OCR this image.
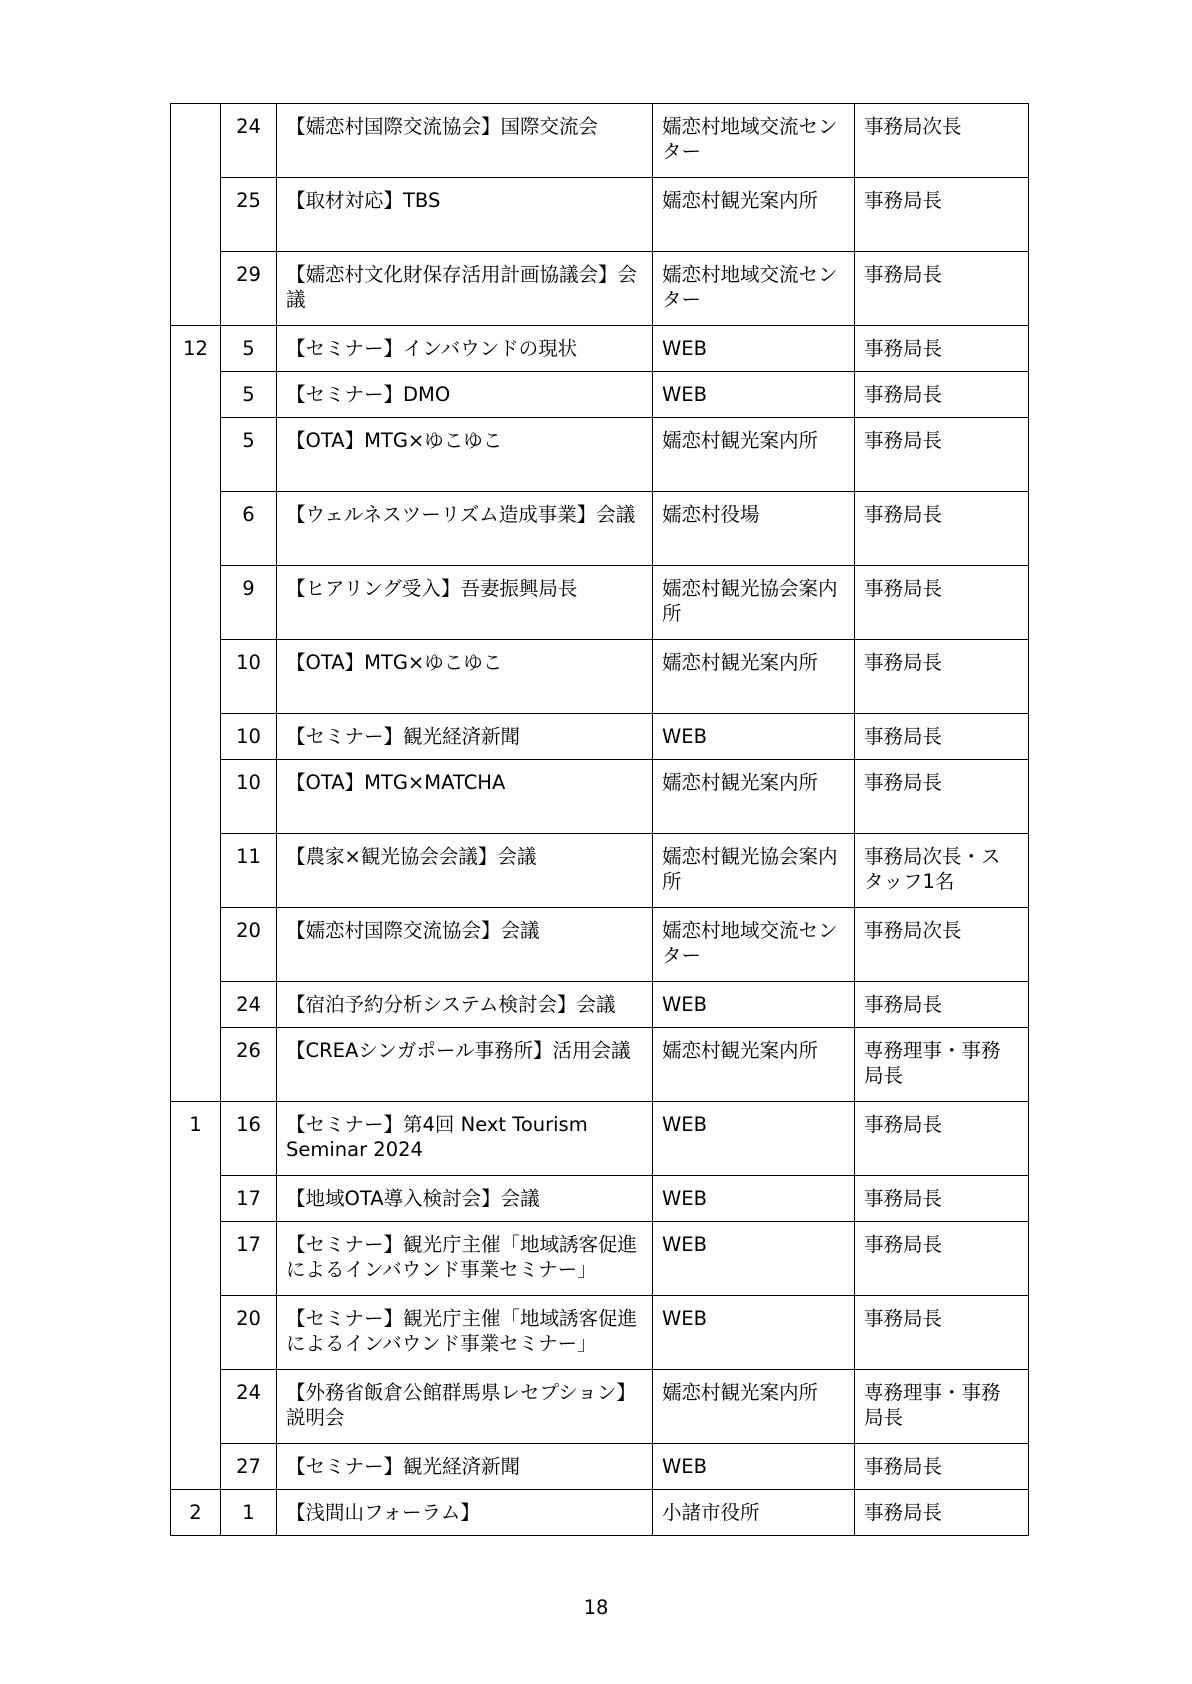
	24	【嬬恋村国際交流協会】国際交流会	嬬恋村地域交流センター	事務局次長
	25	【取材対応】TBS	嬬恋村観光案内所	事務局長
	29	【嬬恋村文化財保存活用計画協議会】会議	嬬恋村地域交流センター	事務局長
12	5	【セミナー】インバウンドの現状	WEB	事務局長
	5	【セミナー】DMO	WEB	事務局長
	5	【OTA】MTG×ゆこゆこ	嬬恋村観光案内所	事務局長
	6	【ウェルネスツーリズム造成事業】会議	嬬恋村役場	事務局長
	9	【ヒアリング受入】吾妻振興局長	嬬恋村観光協会案内所	事務局長
	10	【OTA】MTG×ゆこゆこ	嬬恋村観光案内所	事務局長
	10	【セミナー】観光経済新聞	WEB	事務局長
	10	【OTA】MTG×MATCHA	嬬恋村観光案内所	事務局長
	11	【農家×観光協会会議】会議	嬬恋村観光協会案内所	事務局次長・スタッフ1名
	20	【嬬恋村国際交流協会】会議	嬬恋村地域交流センター	事務局次長
	24	【宿泊予約分析システム検討会】会議	WEB	事務局長
	26	【CREAシンガポール事務所】活用会議	嬬恋村観光案内所	専務理事・事務局長
1	16	【セミナー】第4回 Next Tourism Seminar 2024	WEB	事務局長
	17	【地域OTA導入検討会】会議	WEB	事務局長
	17	【セミナー】観光庁主催「地域誘客促進によるインバウンド事業セミナー」	WEB	事務局長
	20	【セミナー】観光庁主催「地域誘客促進によるインバウンド事業セミナー」	WEB	事務局長
	24	【外務省飯倉公館群馬県レセプション】説明会	嬬恋村観光案内所	専務理事・事務局長
	27	【セミナー】観光経済新聞	WEB	事務局長
2	1	【浅間山フォーラム】	小諸市役所	事務局長
18
